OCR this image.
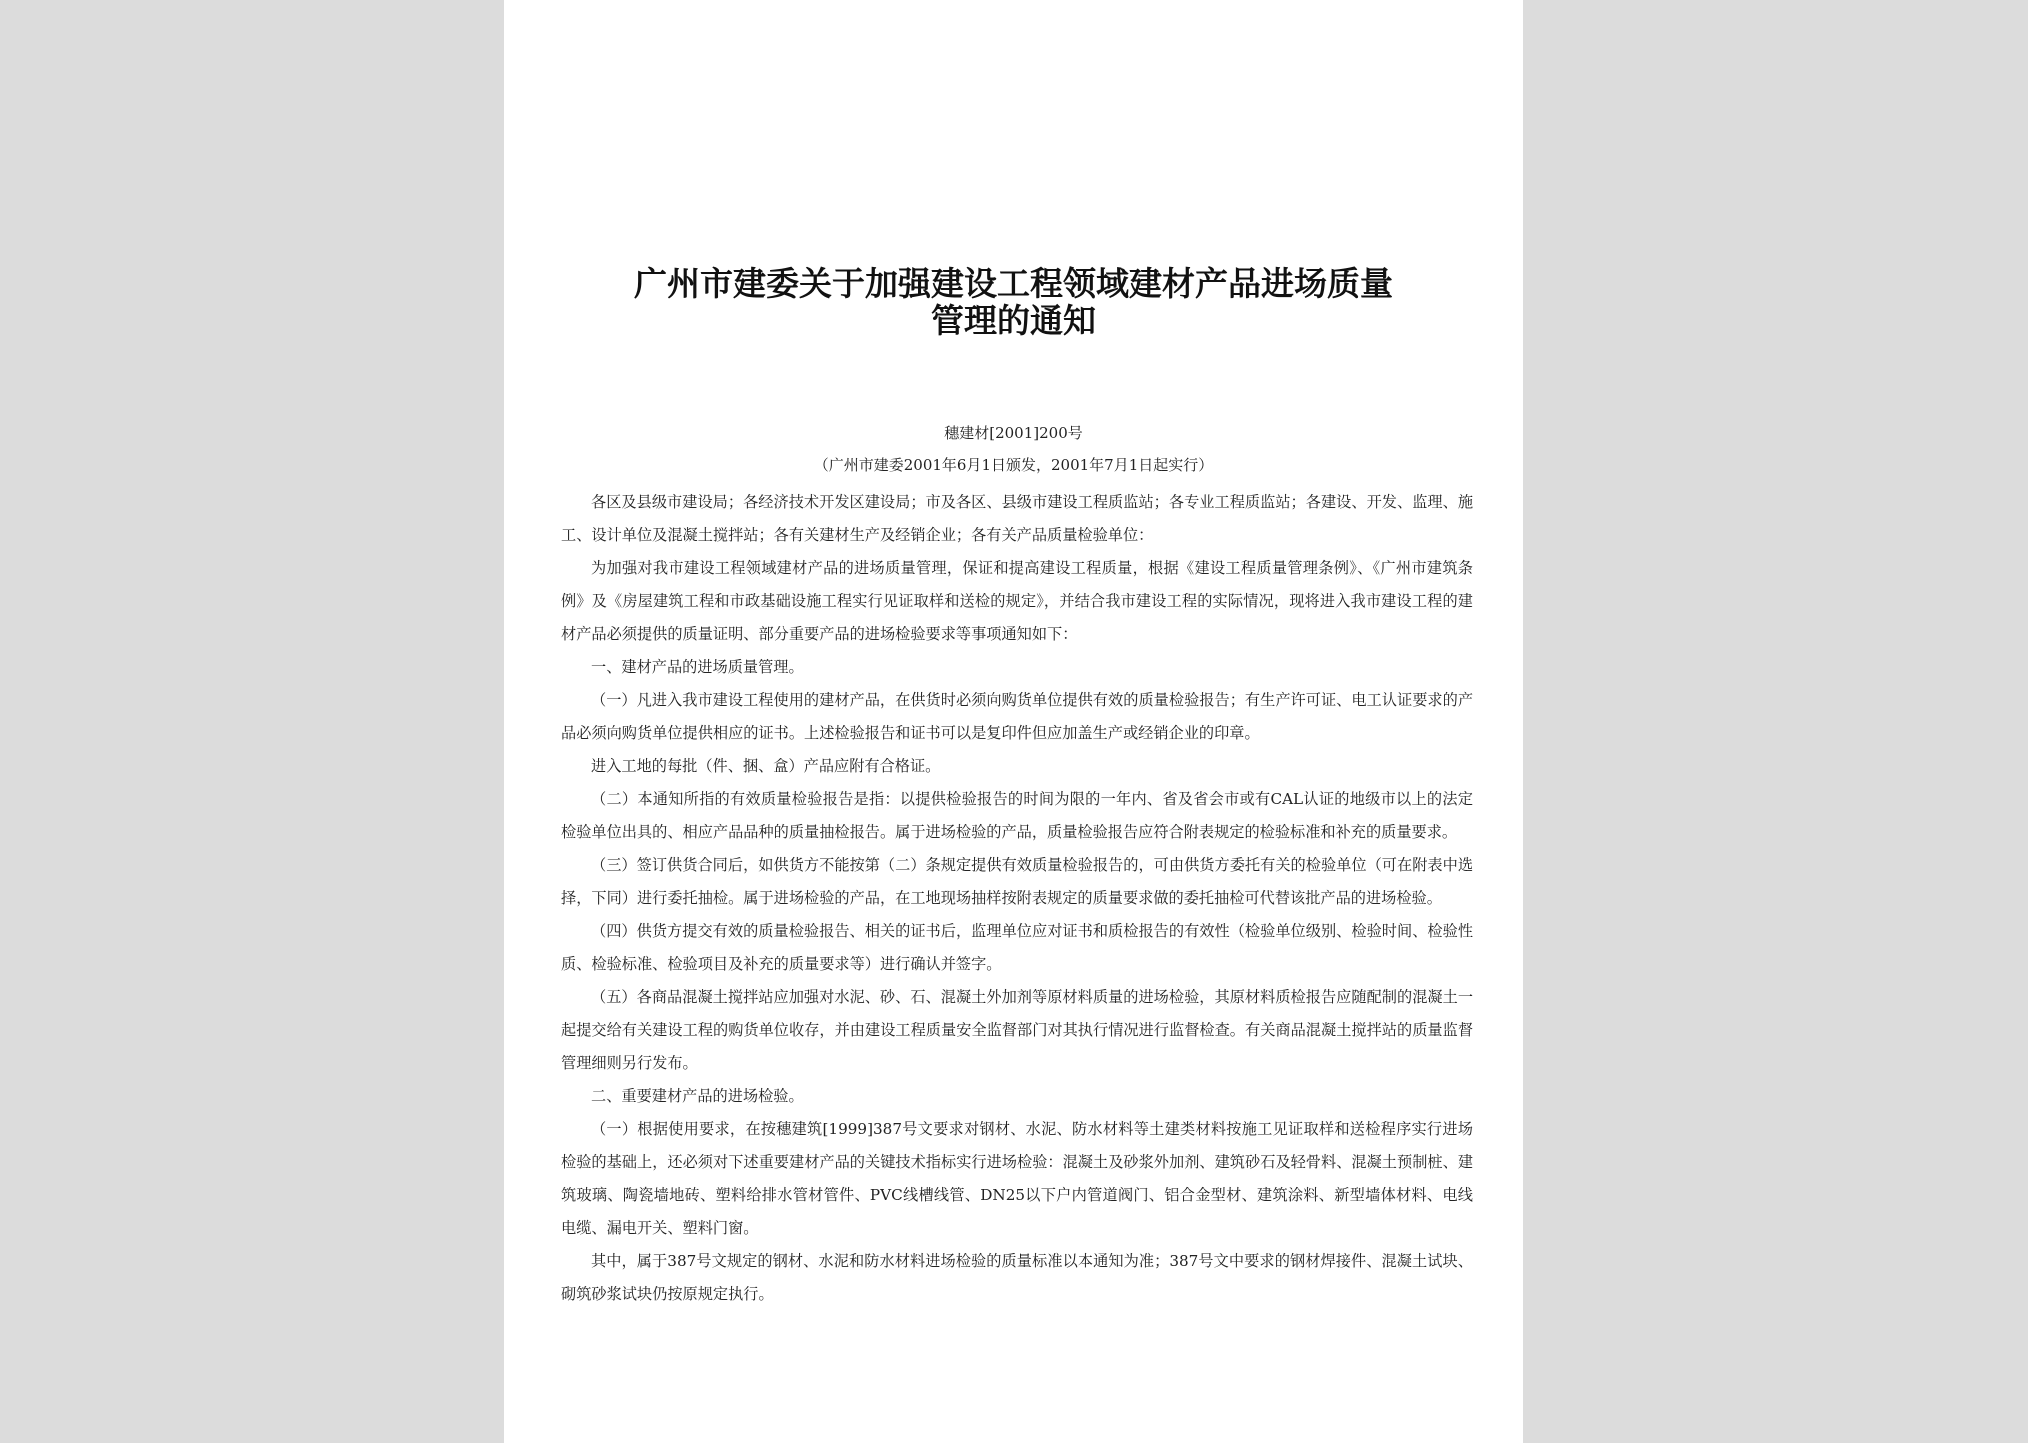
广州市建委关于加强建设工程领域建材产品进场质量
管理的通知
穗建材[2001]200号
（广州市建委2001年6月1日颁发，2001年7月1日起实行）

各区及县级市建设局；各经济技术开发区建设局；市及各区、县级市建设工程质监站；各专业工程质监站；各建设、开发、监理、施工、设计单位及混凝土搅拌站；各有关建材生产及经销企业；各有关产品质量检验单位：

为加强对我市建设工程领域建材产品的进场质量管理，保证和提高建设工程质量，根据《建设工程质量管理条例》、《广州市建筑条例》及《房屋建筑工程和市政基础设施工程实行见证取样和送检的规定》，并结合我市建设工程的实际情况，现将进入我市建设工程的建材产品必须提供的质量证明、部分重要产品的进场检验要求等事项通知如下：

一、建材产品的进场质量管理。

（一）凡进入我市建设工程使用的建材产品，在供货时必须向购货单位提供有效的质量检验报告；有生产许可证、电工认证要求的产品必须向购货单位提供相应的证书。上述检验报告和证书可以是复印件但应加盖生产或经销企业的印章。

进入工地的每批（件、捆、盒）产品应附有合格证。

（二）本通知所指的有效质量检验报告是指：以提供检验报告的时间为限的一年内、省及省会市或有CAL认证的地级市以上的法定检验单位出具的、相应产品品种的质量抽检报告。属于进场检验的产品，质量检验报告应符合附表规定的检验标准和补充的质量要求。

（三）签订供货合同后，如供货方不能按第（二）条规定提供有效质量检验报告的，可由供货方委托有关的检验单位（可在附表中选择，下同）进行委托抽检。属于进场检验的产品，在工地现场抽样按附表规定的质量要求做的委托抽检可代替该批产品的进场检验。

（四）供货方提交有效的质量检验报告、相关的证书后，监理单位应对证书和质检报告的有效性（检验单位级别、检验时间、检验性质、检验标准、检验项目及补充的质量要求等）进行确认并签字。

（五）各商品混凝土搅拌站应加强对水泥、砂、石、混凝土外加剂等原材料质量的进场检验，其原材料质检报告应随配制的混凝土一起提交给有关建设工程的购货单位收存，并由建设工程质量安全监督部门对其执行情况进行监督检查。有关商品混凝土搅拌站的质量监督管理细则另行发布。

二、重要建材产品的进场检验。

（一）根据使用要求，在按穗建筑[1999]387号文要求对钢材、水泥、防水材料等土建类材料按施工见证取样和送检程序实行进场检验的基础上，还必须对下述重要建材产品的关键技术指标实行进场检验：混凝土及砂浆外加剂、建筑砂石及轻骨料、混凝土预制桩、建筑玻璃、陶瓷墙地砖、塑料给排水管材管件、PVC线槽线管、DN25以下户内管道阀门、铝合金型材、建筑涂料、新型墙体材料、电线电缆、漏电开关、塑料门窗。

其中，属于387号文规定的钢材、水泥和防水材料进场检验的质量标准以本通知为准；387号文中要求的钢材焊接件、混凝土试块、砌筑砂浆试块仍按原规定执行。
